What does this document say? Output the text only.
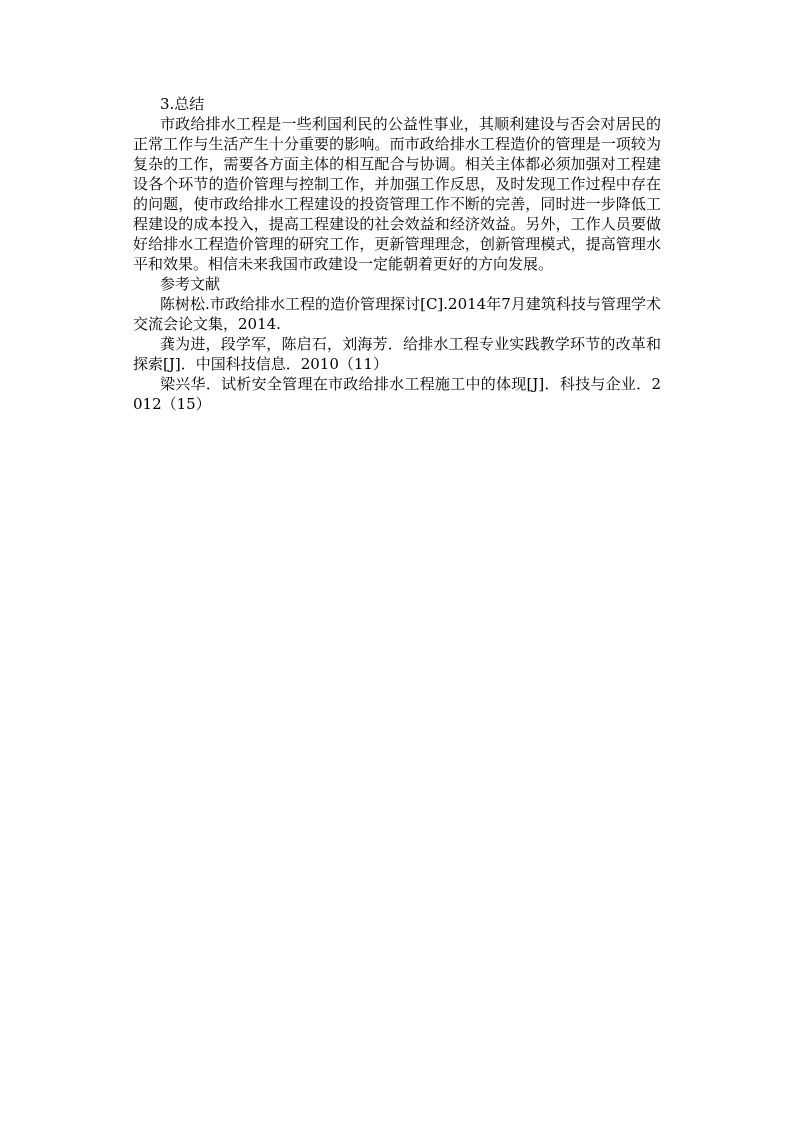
3.总结

市政给排水工程是一些利国利民的公益性事业，其顺利建设与否会对居民的正常工作与生活产生十分重要的影响。而市政给排水工程造价的管理是一项较为复杂的工作，需要各方面主体的相互配合与协调。相关主体都必须加强对工程建设各个环节的造价管理与控制工作，并加强工作反思，及时发现工作过程中存在的问题，使市政给排水工程建设的投资管理工作不断的完善，同时进一步降低工程建设的成本投入，提高工程建设的社会效益和经济效益。另外，工作人员要做好给排水工程造价管理的研究工作，更新管理理念，创新管理模式，提高管理水平和效果。相信未来我国市政建设一定能朝着更好的方向发展。

参考文献

陈树松.市政给排水工程的造价管理探讨[C].2014年7月建筑科技与管理学术交流会论文集，2014.

龚为进，段学军，陈启石，刘海芳．给排水工程专业实践教学环节的改革和探索[J]．中国科技信息．2010（11）

梁兴华．试析安全管理在市政给排水工程施工中的体现[J]．科技与企业．2012（15）
